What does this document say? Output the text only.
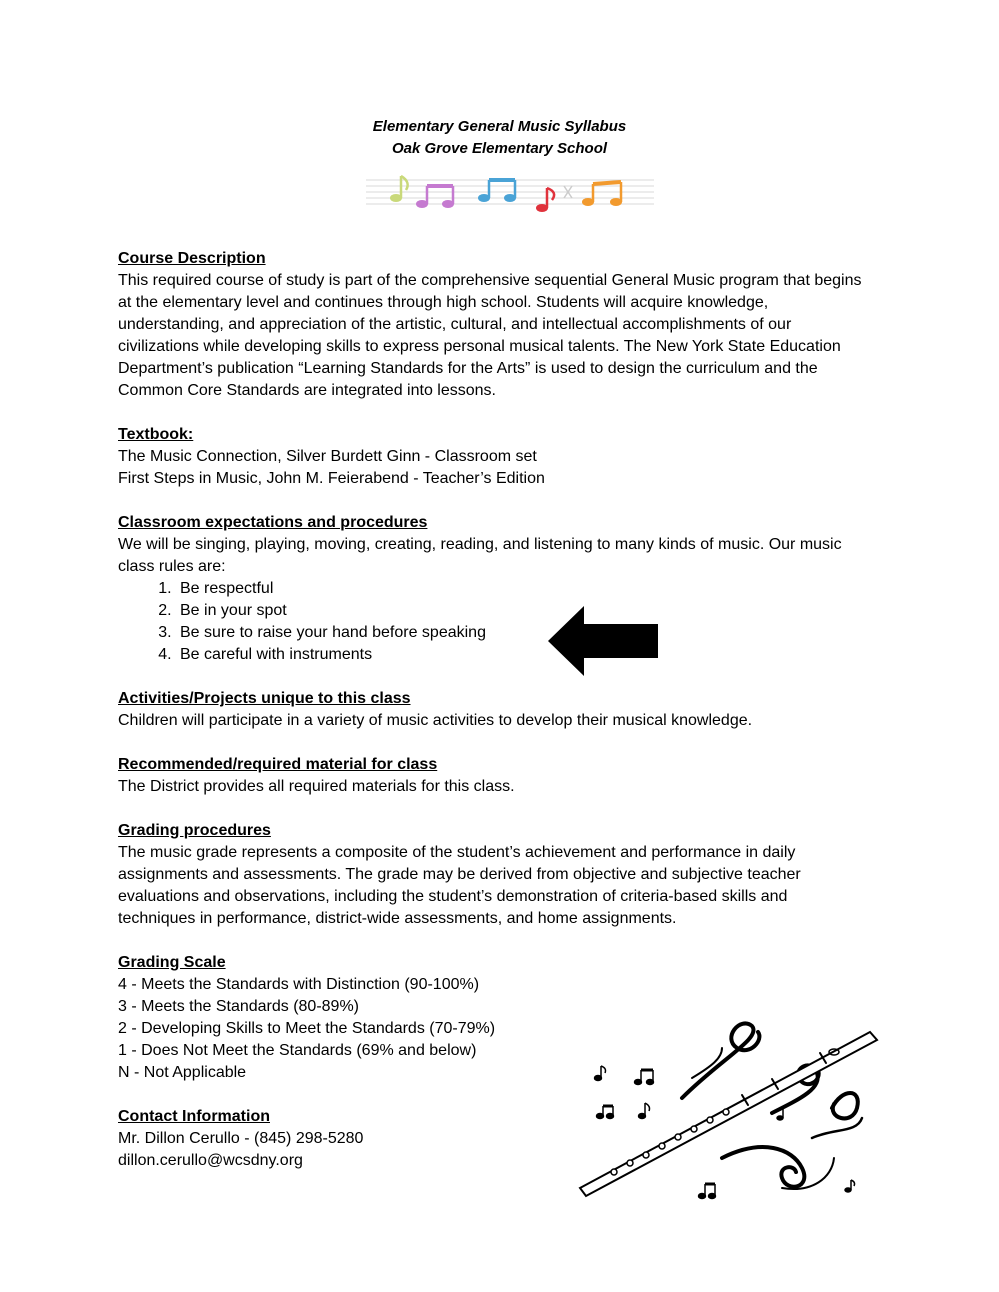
Elementary General Music Syllabus
Oak Grove Elementary School
Course Description
This required course of study is part of the comprehensive sequential General Music program that begins
at the elementary level and continues through high school. Students will acquire knowledge,
understanding, and appreciation of the artistic, cultural, and intellectual accomplishments of our
civilizations while developing skills to express personal musical talents. The New York State Education
Department’s publication “Learning Standards for the Arts” is used to design the curriculum and the
Common Core Standards are integrated into lessons.
Textbook:
The Music Connection, Silver Burdett Ginn - Classroom set
First Steps in Music, John M. Feierabend - Teacher’s Edition
Classroom expectations and procedures
We will be singing, playing, moving, creating, reading, and listening to many kinds of music. Our music
class rules are:
1. Be respectful
2. Be in your spot
3. Be sure to raise your hand before speaking
4. Be careful with instruments
Activities/Projects unique to this class
Children will participate in a variety of music activities to develop their musical knowledge.
Recommended/required material for class
The District provides all required materials for this class.
Grading procedures
The music grade represents a composite of the student’s achievement and performance in daily
assignments and assessments. The grade may be derived from objective and subjective teacher
evaluations and observations, including the student’s demonstration of criteria-based skills and
techniques in performance, district-wide assessments, and home assignments.
Grading Scale
4 - Meets the Standards with Distinction (90-100%)
3 - Meets the Standards (80-89%)
2 - Developing Skills to Meet the Standards (70-79%)
1 - Does Not Meet the Standards (69% and below)
N - Not Applicable
Contact Information
Mr. Dillon Cerullo - (845) 298-5280
dillon.cerullo@wcsdny.org
